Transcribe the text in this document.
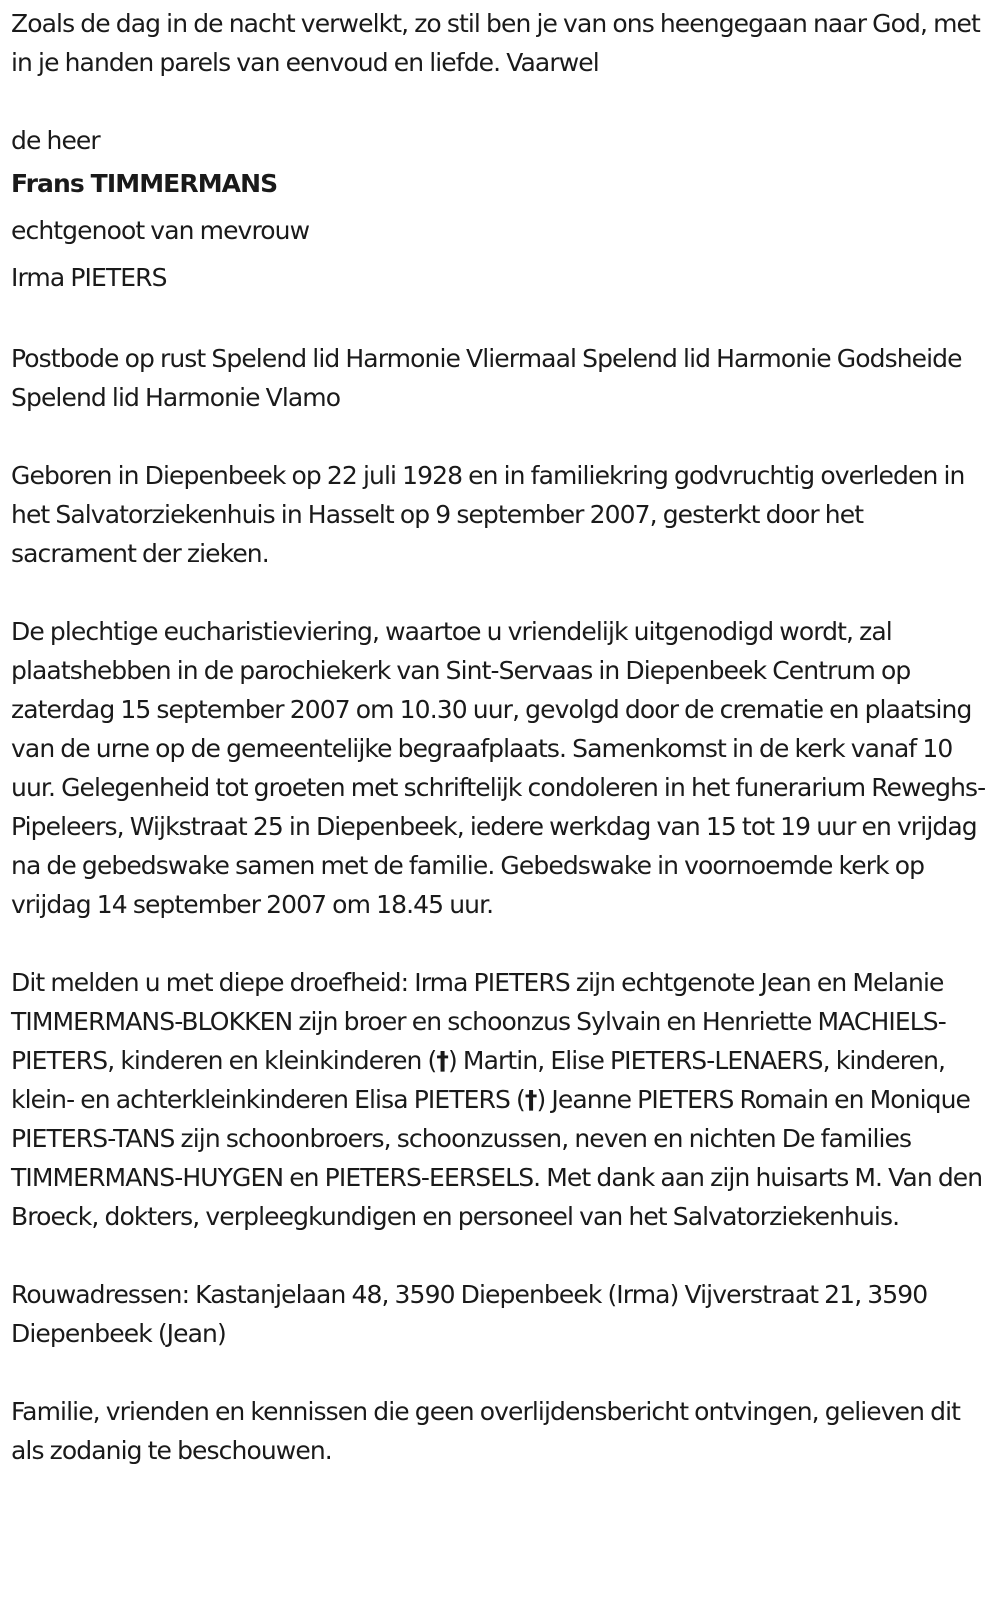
Zoals de dag in de nacht verwelkt, zo stil ben je van ons heengegaan naar God, met in je handen parels van eenvoud en liefde. Vaarwel

de heer

Frans TIMMERMANS

echtgenoot van mevrouw

Irma PIETERS

Postbode op rust Spelend lid Harmonie Vliermaal Spelend lid Harmonie Godsheide Spelend lid Harmonie Vlamo

Geboren in Diepenbeek op 22 juli 1928 en in familiekring godvruchtig overleden in het Salvatorziekenhuis in Hasselt op 9 september 2007, gesterkt door het sacrament der zieken.

De plechtige eucharistieviering, waartoe u vriendelijk uitgenodigd wordt, zal plaatshebben in de parochiekerk van Sint-Servaas in Diepenbeek Centrum op zaterdag 15 september 2007 om 10.30 uur, gevolgd door de crematie en plaatsing van de urne op de gemeentelijke begraafplaats. Samenkomst in de kerk vanaf 10 uur. Gelegenheid tot groeten met schriftelijk condoleren in het funerarium Reweghs-Pipeleers, Wijkstraat 25 in Diepenbeek, iedere werkdag van 15 tot 19 uur en vrijdag na de gebedswake samen met de familie. Gebedswake in voornoemde kerk op vrijdag 14 september 2007 om 18.45 uur.

Dit melden u met diepe droefheid: Irma PIETERS zijn echtgenote Jean en Melanie TIMMERMANS-BLOKKEN zijn broer en schoonzus Sylvain en Henriette MACHIELS-PIETERS, kinderen en kleinkinderen (†) Martin, Elise PIETERS-LENAERS, kinderen, klein- en achterkleinkinderen Elisa PIETERS (†) Jeanne PIETERS Romain en Monique PIETERS-TANS zijn schoonbroers, schoonzussen, neven en nichten De families TIMMERMANS-HUYGEN en PIETERS-EERSELS. Met dank aan zijn huisarts M. Van den Broeck, dokters, verpleegkundigen en personeel van het Salvatorziekenhuis.

Rouwadressen: Kastanjelaan 48, 3590 Diepenbeek (Irma) Vijverstraat 21, 3590 Diepenbeek (Jean)

Familie, vrienden en kennissen die geen overlijdensbericht ontvingen, gelieven dit als zodanig te beschouwen.
